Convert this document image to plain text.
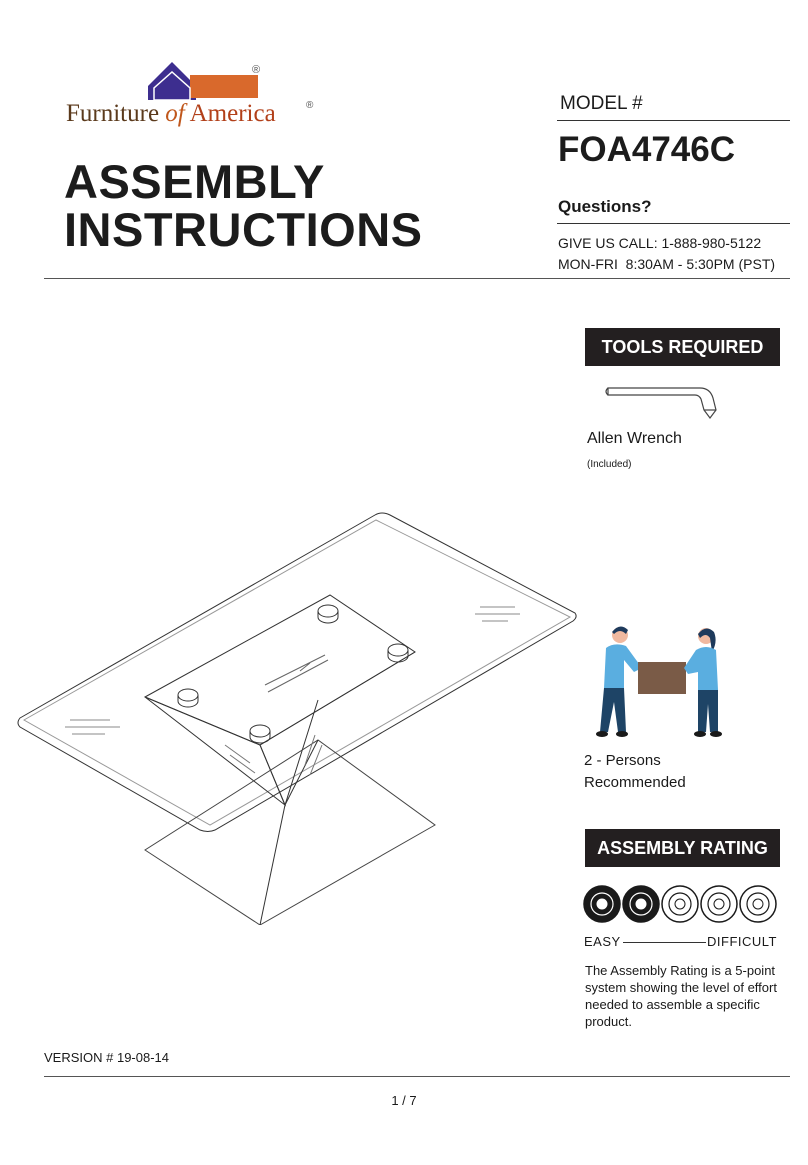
Furniture of America
®
®
ASSEMBLY
INSTRUCTIONS
MODEL #
FOA4746C
Questions?
GIVE US CALL: 1-888-980-5122
MON-FRI  8:30AM - 5:30PM (PST)
TOOLS REQUIRED
Allen Wrench
(Included)
2 - Persons
Recommended
ASSEMBLY RATING
EASY	DIFFICULT
The Assembly Rating is a 5-point system showing the level of effort needed to assemble a specific product.
VERSION # 19-08-14
1 / 7
